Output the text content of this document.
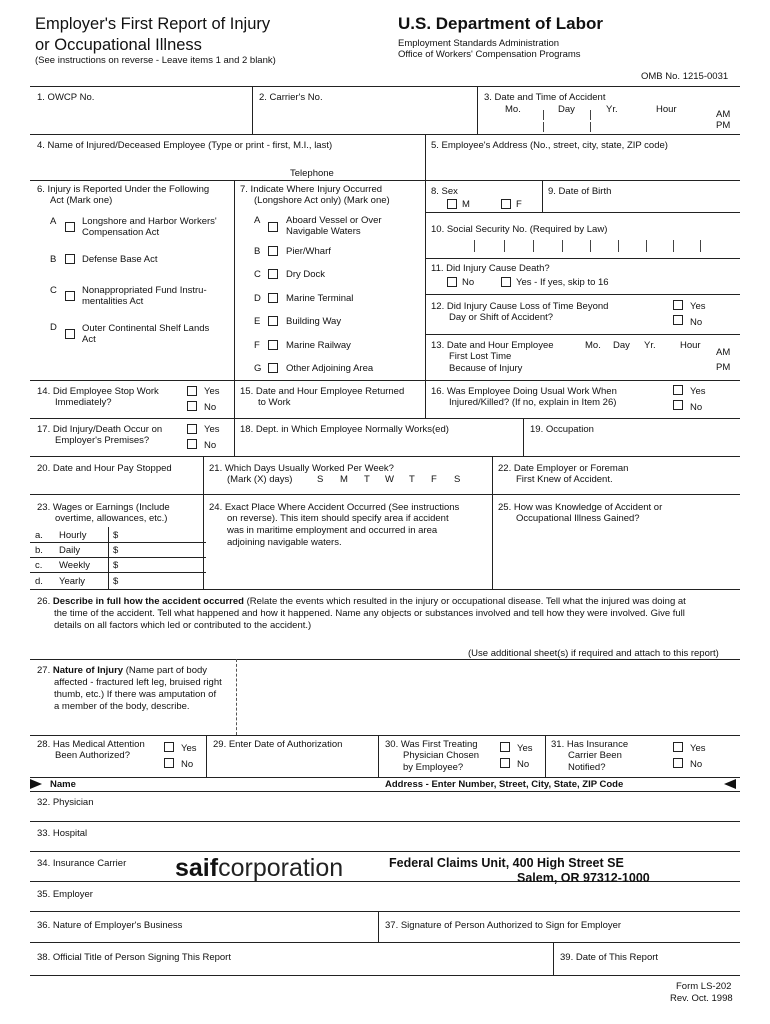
Employer's First Report of Injury
or Occupational Illness
(See instructions on reverse - Leave items 1 and 2 blank)
U.S. Department of Labor
Employment Standards Administration
Office of Workers' Compensation Programs
OMB No. 1215-0031
1. OWCP No.	2. Carrier's No.	3. Date and Time of Accident
Mo.	Day	Yr.	Hour	AM
PM
4. Name of Injured/Deceased Employee (Type or print - first, M.I., last)	5. Employee's Address (No., street, city, state, ZIP code)
Telephone
6. Injury is Reported Under the Following
Act (Mark one)
A	Longshore and Harbor Workers'
Compensation Act
B	Defense Base Act
C	Nonappropriated Fund Instru-
mentalities Act
D	Outer Continental Shelf Lands
Act
7. Indicate Where Injury Occurred
(Longshore Act only) (Mark one)
A	Aboard Vessel or Over
Navigable Waters
B	Pier/Wharf
C	Dry Dock
D	Marine Terminal
E	Building Way
F	Marine Railway
G	Other Adjoining Area
8. Sex
M	F
9. Date of Birth
10. Social Security No. (Required by Law)
11. Did Injury Cause Death?
No	Yes - If yes, skip to 16
12. Did Injury Cause Loss of Time Beyond
Day or Shift of Accident?
Yes
No
13. Date and Hour Employee
First Lost Time
Because of Injury
Mo. Day Yr.	Hour
AM
PM
14. Did Employee Stop Work
Immediately?
Yes
No
15. Date and Hour Employee Returned
to Work
16. Was Employee Doing Usual Work When
Injured/Killed? (If no, explain in Item 26)
Yes
No
17. Did Injury/Death Occur on
Employer's Premises?
Yes
No
18. Dept. in Which Employee Normally Works(ed)	19. Occupation
20. Date and Hour Pay Stopped	21. Which Days Usually Worked Per Week?
(Mark (X) days)	S M T W T F S
22. Date Employer or Foreman
First Knew of Accident.
23. Wages or Earnings (Include
overtime, allowances, etc.)
a. Hourly	$
b. Daily	$
c. Weekly $
d. Yearly	$
24. Exact Place Where Accident Occurred (See instructions
on reverse). This item should specify area if accident
was in maritime employment and occurred in area
adjoining navigable waters.
25. How was Knowledge of Accident or
Occupational Illness Gained?
26. Describe in full how the accident occurred (Relate the events which resulted in the injury or occupational disease. Tell what the injured was doing at
the time of the accident. Tell what happened and how it happened. Name any objects or substances involved and tell how they were involved. Give full
details on all factors which led or contributed to the accident.)
(Use additional sheet(s) if required and attach to this report)
27. Nature of Injury (Name part of body
affected - fractured left leg, bruised right
thumb, etc.) If there was amputation of
a member of the body, describe.
28. Has Medical Attention
Been Authorized?
Yes
No
29. Enter Date of Authorization	30. Was First Treating
Physician Chosen
by Employee?
Yes
No
31. Has Insurance
Carrier Been
Notified?
Yes
No
Name	Address - Enter Number, Street, City, State, ZIP Code
32. Physician
33. Hospital
34. Insurance Carrier saifcorporation	Federal Claims Unit, 400 High Street SE
Salem, OR 97312-1000
35. Employer
36. Nature of Employer's Business	37. Signature of Person Authorized to Sign for Employer
38. Official Title of Person Signing This Report	39. Date of This Report
Form LS-202
Rev. Oct. 1998
